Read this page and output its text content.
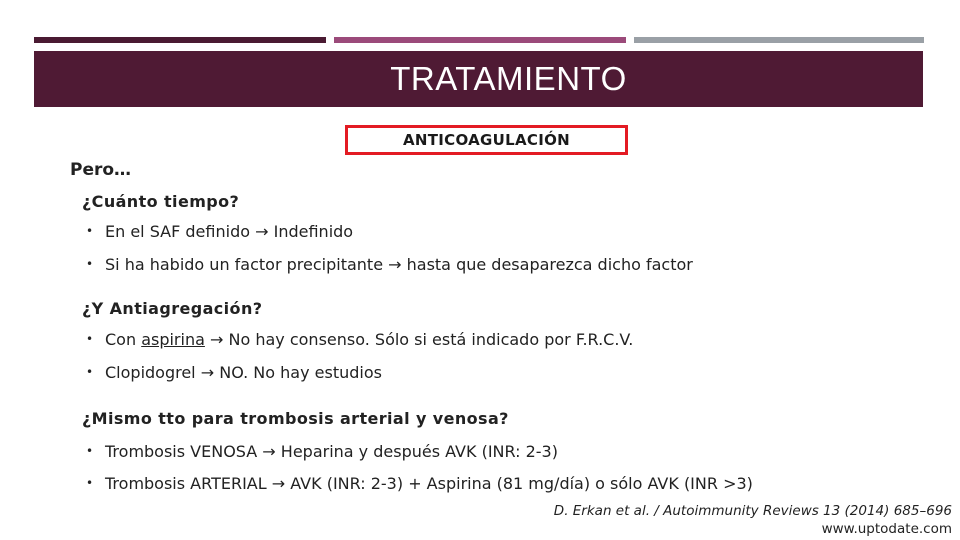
TRATAMIENTO
ANTICOAGULACIÓN
Pero…
¿Cuánto tiempo?
• En el SAF definido → Indefinido
• Si ha habido un factor precipitante → hasta que desaparezca dicho factor
¿Y Antiagregación?
• Con aspirina → No hay consenso. Sólo si está indicado por F.R.C.V.
• Clopidogrel → NO. No hay estudios
¿Mismo tto para trombosis arterial y venosa?
• Trombosis VENOSA → Heparina y después AVK (INR: 2-3)
• Trombosis ARTERIAL → AVK (INR: 2-3) + Aspirina (81 mg/día) o sólo AVK (INR >3)
D. Erkan et al. / Autoimmunity Reviews 13 (2014) 685–696
www.uptodate.com
